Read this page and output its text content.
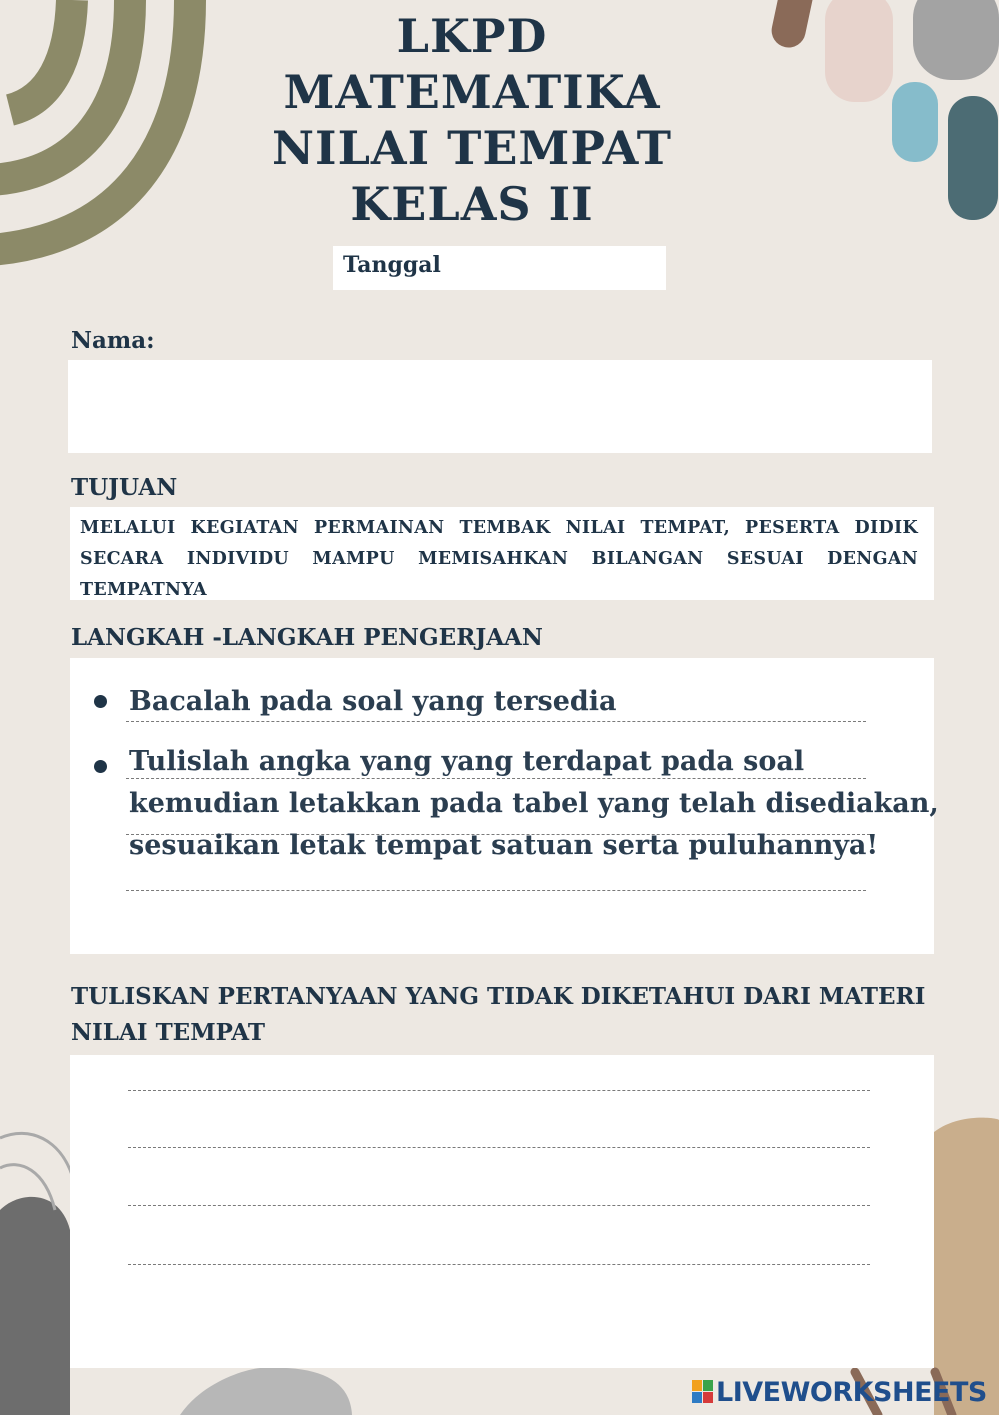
LKPD
MATEMATIKA
NILAI TEMPAT
KELAS II
Tanggal
Nama:
TUJUAN
MELALUI KEGIATAN PERMAINAN TEMBAK NILAI TEMPAT, PESERTA DIDIK SECARA INDIVIDU MAMPU MEMISAHKAN BILANGAN SESUAI DENGAN TEMPATNYA
LANGKAH -LANGKAH PENGERJAAN
Bacalah pada soal yang tersedia
Tulislah angka yang yang terdapat pada soal
kemudian letakkan pada tabel yang telah disediakan,
sesuaikan letak tempat satuan serta puluhannya!
TULISKAN PERTANYAAN YANG TIDAK DIKETAHUI DARI MATERI
NILAI TEMPAT
LIVEWORKSHEETS
